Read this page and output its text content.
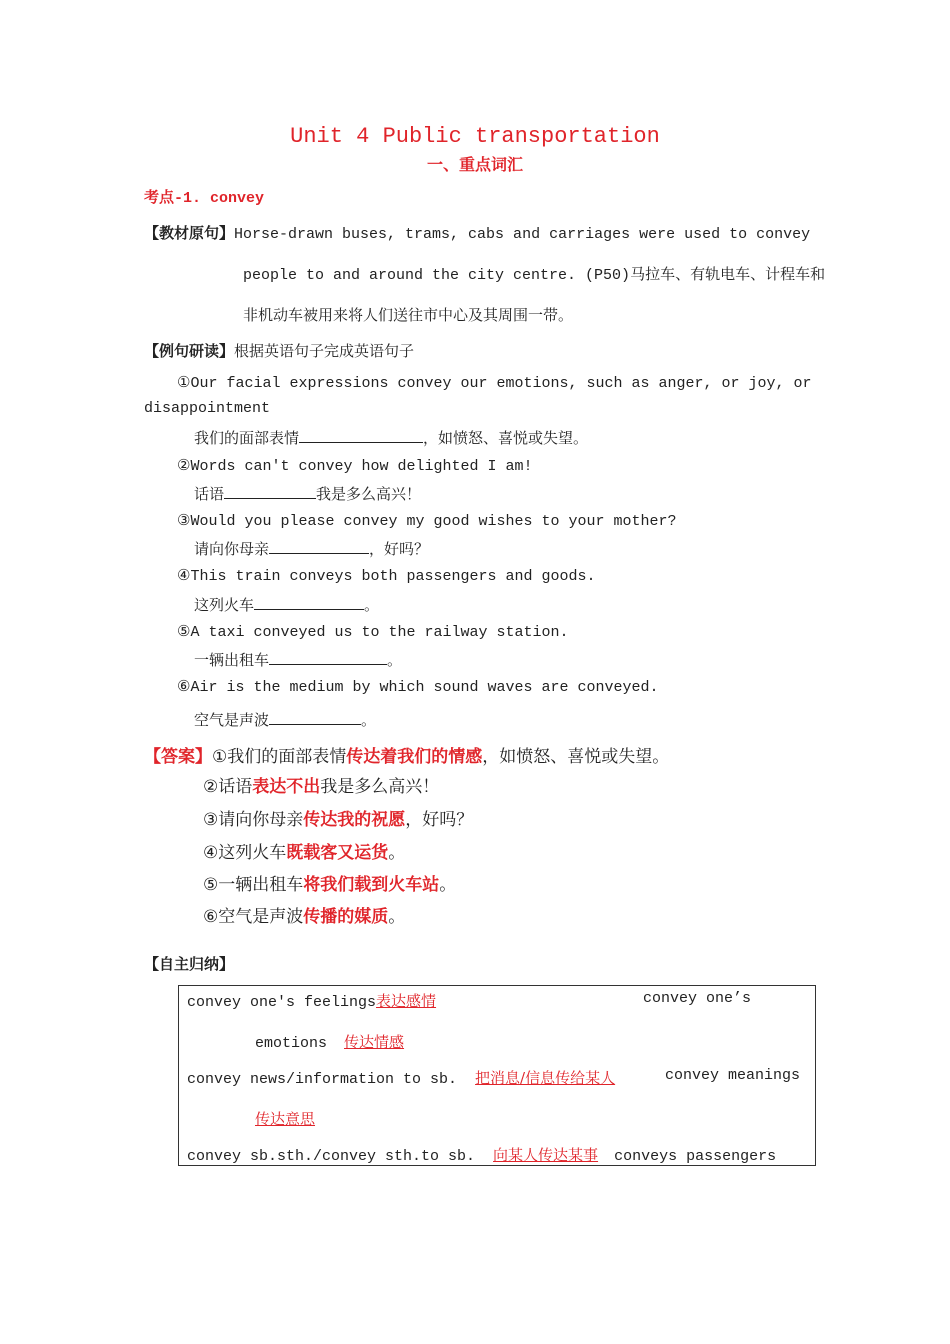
Unit 4 Public transportation
一、重点词汇
考点-1. convey
【教材原句】Horse-drawn buses, trams, cabs and carriages were used to convey
people to and around the city centre. (P50)马拉车、有轨电车、计程车和
非机动车被用来将人们送往市中心及其周围一带。
【例句研读】根据英语句子完成英语句子
①Our facial expressions convey our emotions, such as anger, or joy, or
disappointment
我们的面部表情	，如愤怒、喜悦或失望。
②Words can't convey how delighted I am!
话语	我是多么高兴！
③Would you please convey my good wishes to your mother?
请向你母亲	，好吗？
④This train conveys both passengers and goods.
这列火车	。
⑤A taxi conveyed us to the railway station.
一辆出租车	。
⑥Air is the medium by which sound waves are conveyed.
空气是声波	。
【答案】①我们的面部表情传达着我们的情感，如愤怒、喜悦或失望。
②话语表达不出我是多么高兴！
③请向你母亲传达我的祝愿，好吗？
④这列火车既载客又运货。
⑤一辆出租车将我们载到火车站。
⑥空气是声波传播的媒质。
【自主归纳】
convey one's feelings表达感情	convey one’s
emotions 传达情感
convey news/information to sb. 把消息/信息传给某人	convey meanings
传达意思
convey sb.sth./convey sth.to sb. 向某人传达某事 conveys passengers
